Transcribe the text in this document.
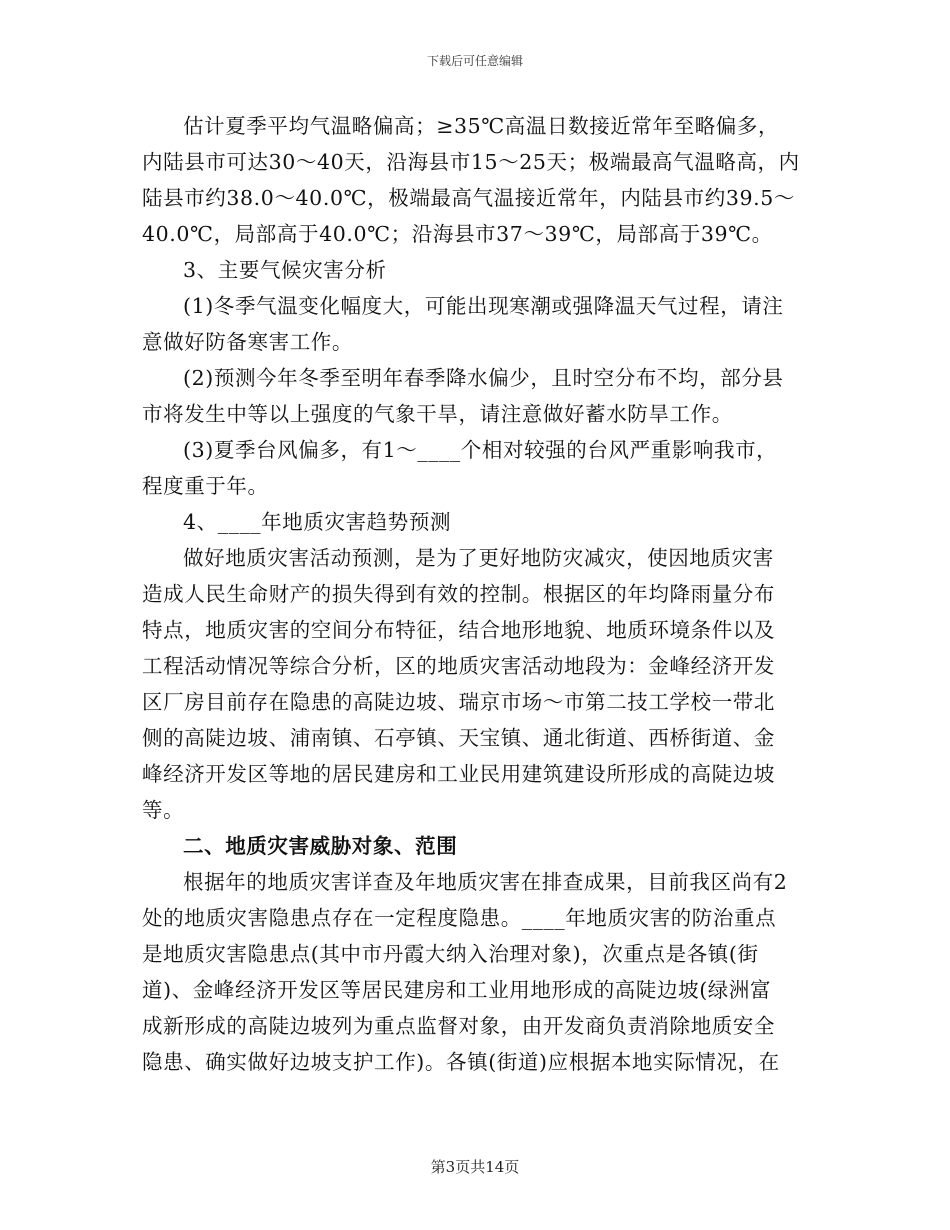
下载后可任意编辑
估计夏季平均气温略偏高；≥35℃高温日数接近常年至略偏多，
内陆县市可达30～40天，沿海县市15～25天；极端最高气温略高，内
陆县市约38.0～40.0℃，极端最高气温接近常年，内陆县市约39.5～
40.0℃，局部高于40.0℃；沿海县市37～39℃，局部高于39℃。
3、主要气候灾害分析
(1)冬季气温变化幅度大，可能出现寒潮或强降温天气过程，请注
意做好防备寒害工作。
(2)预测今年冬季至明年春季降水偏少，且时空分布不均，部分县
市将发生中等以上强度的气象干旱，请注意做好蓄水防旱工作。
(3)夏季台风偏多，有1～____个相对较强的台风严重影响我市，
程度重于年。
4、____年地质灾害趋势预测
做好地质灾害活动预测，是为了更好地防灾减灾，使因地质灾害
造成人民生命财产的损失得到有效的控制。根据区的年均降雨量分布
特点，地质灾害的空间分布特征，结合地形地貌、地质环境条件以及
工程活动情况等综合分析，区的地质灾害活动地段为：金峰经济开发
区厂房目前存在隐患的高陡边坡、瑞京市场～市第二技工学校一带北
侧的高陡边坡、浦南镇、石亭镇、天宝镇、通北街道、西桥街道、金
峰经济开发区等地的居民建房和工业民用建筑建设所形成的高陡边坡
等。
二、地质灾害威胁对象、范围
根据年的地质灾害详查及年地质灾害在排查成果，目前我区尚有2
处的地质灾害隐患点存在一定程度隐患。____年地质灾害的防治重点
是地质灾害隐患点(其中市丹霞大纳入治理对象)，次重点是各镇(街
道)、金峰经济开发区等居民建房和工业用地形成的高陡边坡(绿洲富
成新形成的高陡边坡列为重点监督对象，由开发商负责消除地质安全
隐患、确实做好边坡支护工作)。各镇(街道)应根据本地实际情况，在
第3页共14页
